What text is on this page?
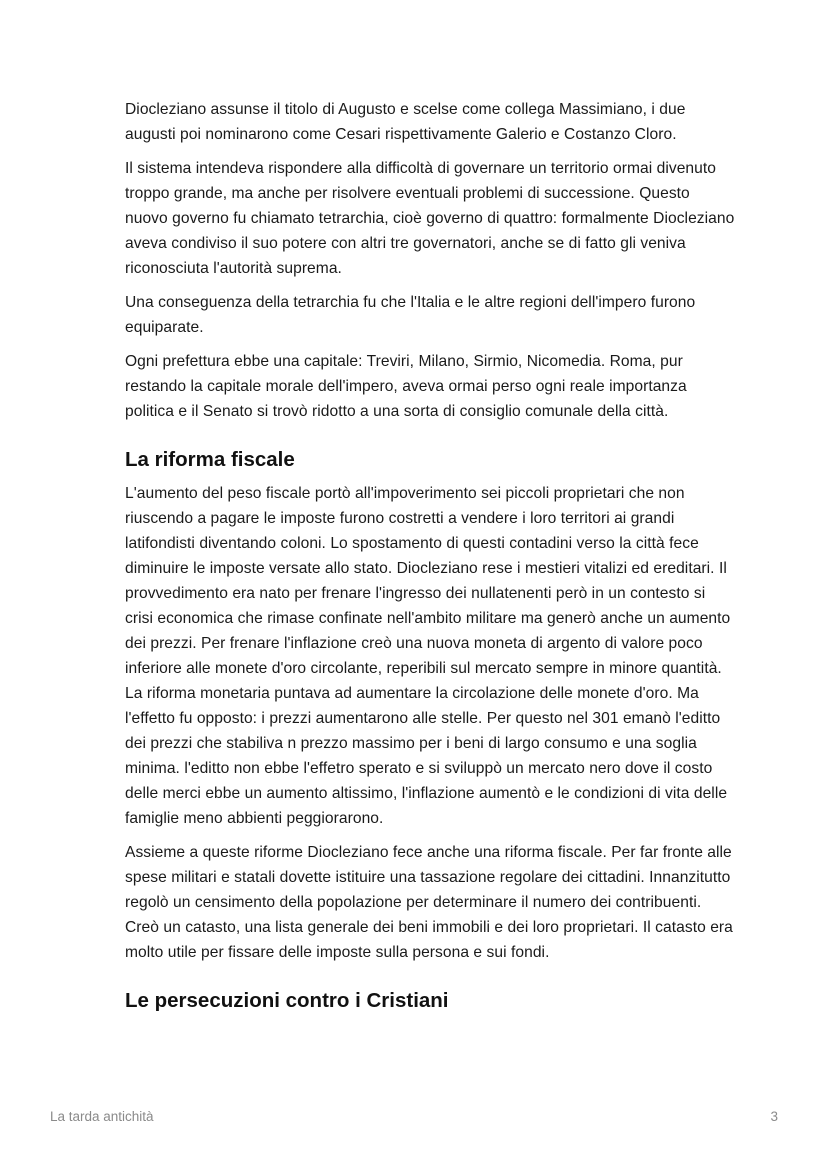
Diocleziano assunse il titolo di Augusto e scelse come collega Massimiano, i due augusti poi nominarono come Cesari rispettivamente Galerio e Costanzo Cloro.

Il sistema intendeva rispondere alla difficoltà di governare un territorio ormai divenuto troppo grande, ma anche per risolvere eventuali problemi di successione. Questo nuovo governo fu chiamato tetrarchia, cioè governo di quattro: formalmente Diocleziano aveva condiviso il suo potere con altri tre governatori, anche se di fatto gli veniva riconosciuta l'autorità suprema.

Una conseguenza della tetrarchia fu che l'Italia e le altre regioni dell'impero furono equiparate.

Ogni prefettura ebbe una capitale: Treviri, Milano, Sirmio, Nicomedia. Roma, pur restando la capitale morale dell'impero, aveva ormai perso ogni reale importanza politica e il Senato si trovò ridotto a una sorta di consiglio comunale della città.

La riforma fiscale

L'aumento del peso fiscale portò all'impoverimento sei piccoli proprietari che non riuscendo a pagare le imposte furono costretti a vendere i loro territori ai grandi latifondisti diventando coloni. Lo spostamento di questi contadini verso la città fece diminuire le imposte versate allo stato. Diocleziano rese i mestieri vitalizi ed ereditari. Il provvedimento era nato per frenare l'ingresso dei nullatenenti però in un contesto si crisi economica che rimase confinate nell'ambito militare ma generò anche un aumento dei prezzi. Per frenare l'inflazione creò una nuova moneta di argento di valore poco inferiore alle monete d'oro circolante, reperibili sul mercato sempre in minore quantità. La riforma monetaria puntava ad aumentare la circolazione delle monete d'oro. Ma l'effetto fu opposto: i prezzi aumentarono alle stelle. Per questo nel 301 emanò l'editto dei prezzi che stabiliva n prezzo massimo per i beni di largo consumo e una soglia minima. l'editto non ebbe l'effetro sperato e si sviluppò un mercato nero dove il costo delle merci ebbe un aumento altissimo, l'inflazione aumentò e le condizioni di vita delle famiglie meno abbienti peggiorarono.

Assieme a queste riforme Diocleziano fece anche una riforma fiscale. Per far fronte alle spese militari e statali dovette istituire una tassazione regolare dei cittadini. Innanzitutto regolò un censimento della popolazione per determinare il numero dei contribuenti. Creò un catasto, una lista generale dei beni immobili e dei loro proprietari. Il catasto era molto utile per fissare delle imposte sulla persona e sui fondi.

Le persecuzioni contro i Cristiani
La tarda antichità	3
